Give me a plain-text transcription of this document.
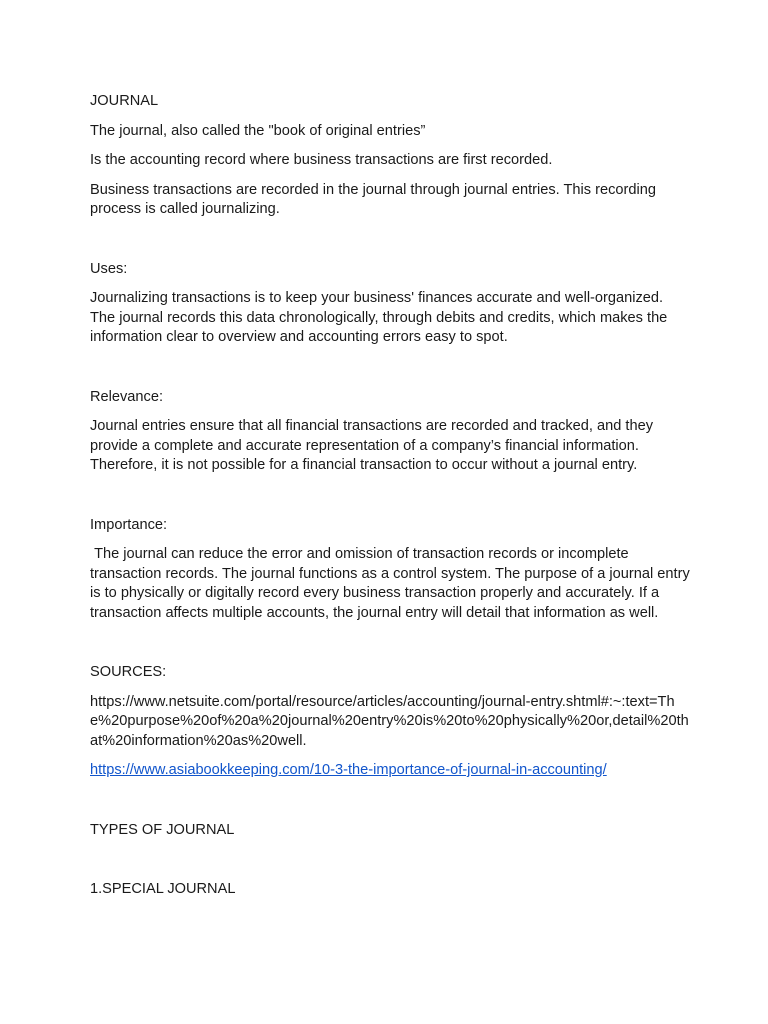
JOURNAL

The journal, also called the "book of original entries”

Is the accounting record where business transactions are first recorded.

Business transactions are recorded in the journal through journal entries. This recording process is called journalizing.

Uses:

Journalizing transactions is to keep your business' finances accurate and well-organized. The journal records this data chronologically, through debits and credits, which makes the information clear to overview and accounting errors easy to spot.

Relevance:

Journal entries ensure that all financial transactions are recorded and tracked, and they provide a complete and accurate representation of a company’s financial information. Therefore, it is not possible for a financial transaction to occur without a journal entry.

Importance:

The journal can reduce the error and omission of transaction records or incomplete transaction records. The journal functions as a control system. The purpose of a journal entry is to physically or digitally record every business transaction properly and accurately. If a transaction affects multiple accounts, the journal entry will detail that information as well.

SOURCES:

https://www.netsuite.com/portal/resource/articles/accounting/journal-entry.shtml#:~:text=The%20purpose%20of%20a%20journal%20entry%20is%20to%20physically%20or,detail%20that%20information%20as%20well.

https://www.asiabookkeeping.com/10-3-the-importance-of-journal-in-accounting/

TYPES OF JOURNAL

1.SPECIAL JOURNAL
